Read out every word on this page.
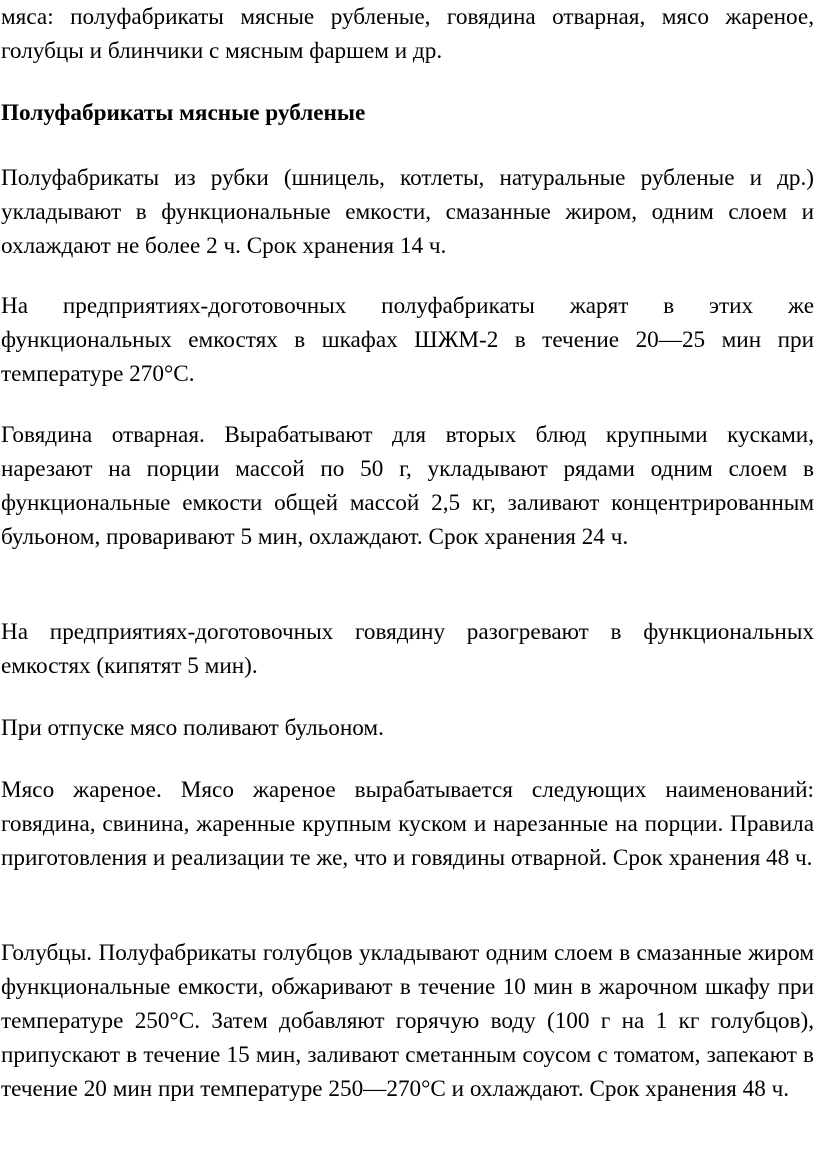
мяса: полуфабрикаты мясные рубленые, говядина отварная, мясо жареное, голубцы и блинчики с мясным фаршем и др.

Полуфабрикаты мясные рубленые

Полуфабрикаты из рубки (шницель, котлеты, натуральные рубленые и др.) укладывают в функциональные емкости, смазанные жиром, одним слоем и охлаждают не более 2 ч. Срок хранения 14 ч.

На предприятиях-доготовочных полуфабрикаты жарят в этих же функциональных емкостях в шкафах ШЖМ-2 в течение 20—25 мин при температуре 270°С.

Говядина отварная. Вырабатывают для вторых блюд крупными кусками, нарезают на порции массой по 50 г, укладывают рядами одним слоем в функциональные емкости общей массой 2,5 кг, заливают концентрированным бульоном, проваривают 5 мин, охлаждают. Срок хранения 24 ч.

На предприятиях-доготовочных говядину разогревают в функциональных емкостях (кипятят 5 мин).

При отпуске мясо поливают бульоном.

Мясо жареное. Мясо жареное вырабатывается следующих наименований: говядина, свинина, жаренные крупным куском и нарезанные на порции. Правила приготовления и реализации те же, что и говядины отварной. Срок хранения 48 ч.

Голубцы. Полуфабрикаты голубцов укладывают одним слоем в смазанные жиром функциональные емкости, обжаривают в течение 10 мин в жарочном шкафу при температуре 250°С. Затем добавляют горячую воду (100 г на 1 кг голубцов), припускают в течение 15 мин, заливают сметанным соусом с томатом, запекают в течение 20 мин при температуре 250—270°С и охлаждают. Срок хранения 48 ч.
